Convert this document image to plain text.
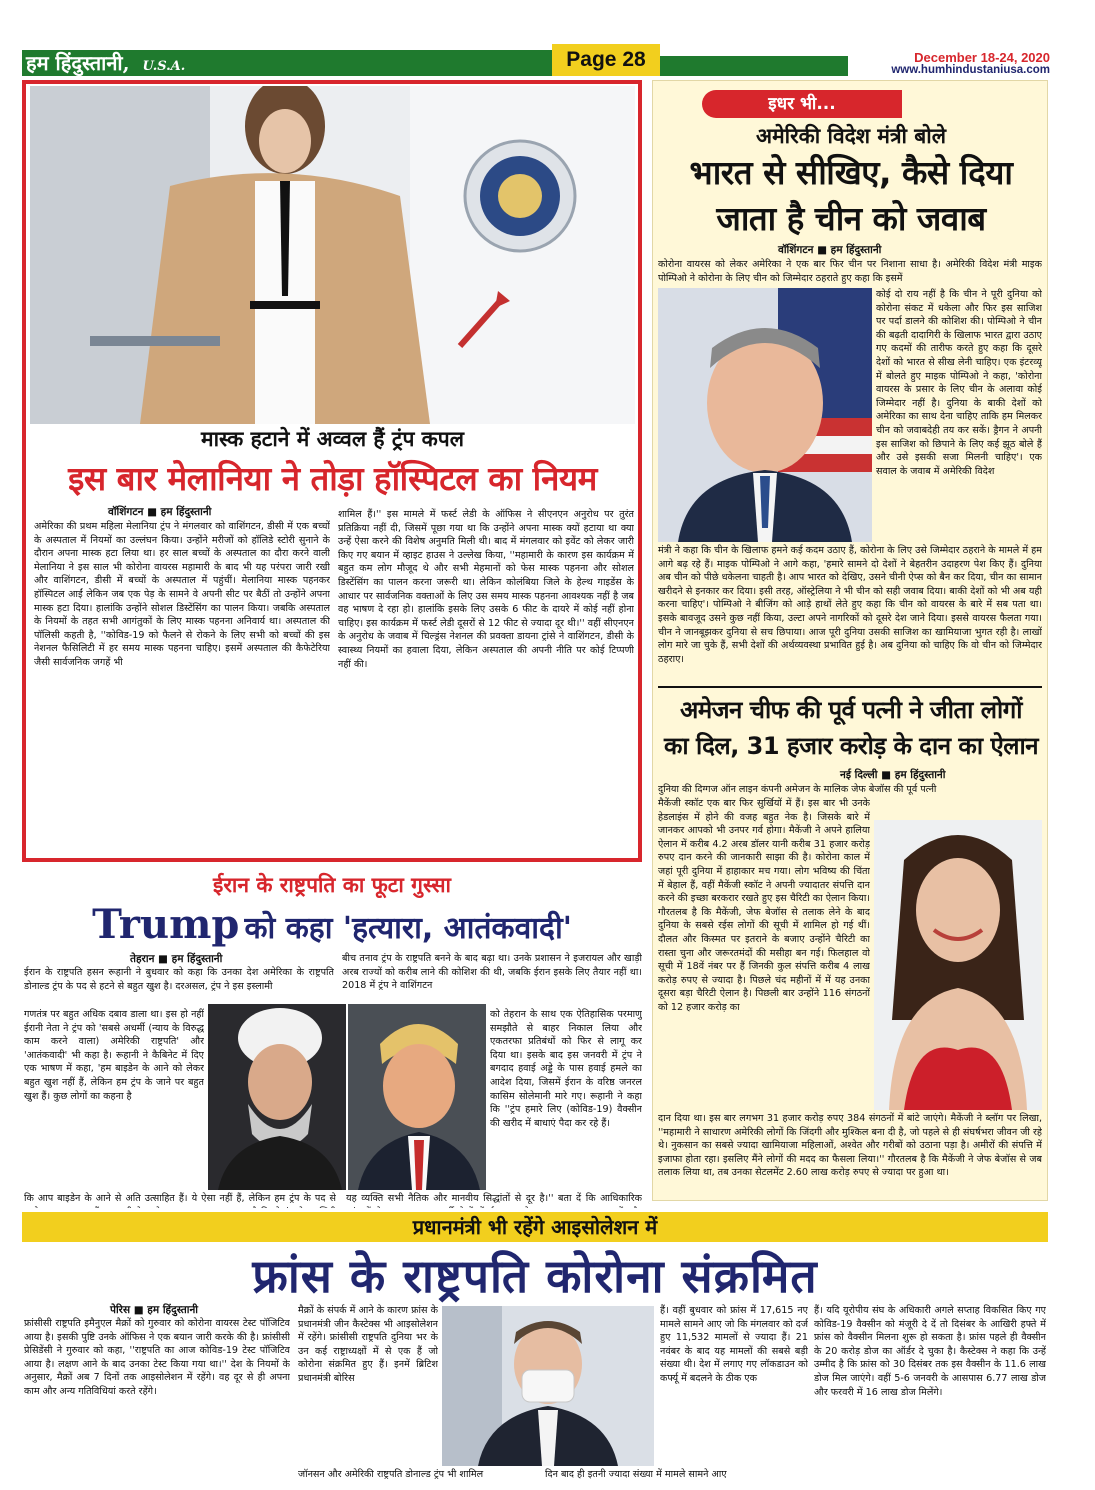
हम हिंदुस्तानी, U.S.A.	Page 28	December 18-24, 2020
www.humhindustaniusa.com
मास्क हटाने में अव्वल हैं ट्रंप कपल
इस बार मेलानिया ने तोड़ा हॉस्पिटल का नियम
वॉशिंगटन ■ हम हिंदुस्तानी
अमेरिका की प्रथम महिला मेलानिया ट्रंप ने मंगलवार को वाशिंगटन, डीसी में एक बच्चों के अस्पताल में नियमों का उल्लंघन किया। उन्होंने मरीजों को हॉलिडे स्टोरी सुनाने के दौरान अपना मास्क हटा लिया था। हर साल बच्चों के अस्पताल का दौरा करने वाली मेलानिया ने इस साल भी कोरोना वायरस महामारी के बाद भी यह परंपरा जारी रखी और वाशिंगटन, डीसी में बच्चों के अस्पताल में पहुंचीं। मेलानिया मास्क पहनकर हॉस्पिटल आईं लेकिन जब एक पेड़ के सामने वे अपनी सीट पर बैठीं तो उन्होंने अपना मास्क हटा दिया। हालांकि उन्होंने सोशल डिस्टेंसिंग का पालन किया। जबकि अस्पताल के नियमों के तहत सभी आगंतुकों के लिए मास्क पहनना अनिवार्य था। अस्पताल की पॉलिसी कहती है, ''कोविड-19 को फैलने से रोकने के लिए सभी को बच्चों की इस नेशनल फैसिलिटी में हर समय मास्क पहनना चाहिए। इसमें अस्पताल की कैफेटेरिया जैसी सार्वजनिक जगहें भी
शामिल हैं।'' इस मामले में फर्स्ट लेडी के ऑफिस ने सीएनएन अनुरोध पर तुरंत प्रतिक्रिया नहीं दी, जिसमें पूछा गया था कि उन्होंने अपना मास्क क्यों हटाया था क्या उन्हें ऐसा करने की विशेष अनुमति मिली थी। बाद में मंगलवार को इवेंट को लेकर जारी किए गए बयान में व्हाइट हाउस ने उल्लेख किया, ''महामारी के कारण इस कार्यक्रम में बहुत कम लोग मौजूद थे और सभी मेहमानों को फेस मास्क पहनना और सोशल डिस्टेंसिंग का पालन करना जरूरी था। लेकिन कोलंबिया जिले के हेल्थ गाइडेंस के आधार पर सार्वजनिक वक्ताओं के लिए उस समय मास्क पहनना आवश्यक नहीं है जब वह भाषण दे रहा हो। हालांकि इसके लिए उसके 6 फीट के दायरे में कोई नहीं होना चाहिए। इस कार्यक्रम में फर्स्ट लेडी दूसरों से 12 फीट से ज्यादा दूर थी।'' वहीं सीएनएन के अनुरोध के जवाब में चिल्ड्रंस नेशनल की प्रवक्ता डायना ट्रांसे ने वाशिंगटन, डीसी के स्वास्थ्य नियमों का हवाला दिया, लेकिन अस्पताल की अपनी नीति पर कोई टिप्पणी नहीं की।
इधर भी...
अमेरिकी विदेश मंत्री बोले
भारत से सीखिए, कैसे दिया
जाता है चीन को जवाब
वॉशिंगटन ■ हम हिंदुस्तानी
कोरोना वायरस को लेकर अमेरिका ने एक बार फिर चीन पर निशाना साधा है। अमेरिकी विदेश मंत्री माइक पोम्पिओ ने कोरोना के लिए चीन को जिम्मेदार ठहराते हुए कहा कि इसमें
कोई दो राय नहीं है कि चीन ने पूरी दुनिया को कोरोना संकट में धकेला और फिर इस साजिश पर पर्दा डालने की कोशिश की। पोम्पिओ ने चीन की बढ़ती दादागिरी के खिलाफ भारत द्वारा उठाए गए कदमों की तारीफ करते हुए कहा कि दूसरे देशों को भारत से सीख लेनी चाहिए। एक इंटरव्यू में बोलते हुए माइक पोम्पिओ ने कहा, 'कोरोना वायरस के प्रसार के लिए चीन के अलावा कोई जिम्मेदार नहीं है। दुनिया के बाकी देशों को अमेरिका का साथ देना चाहिए ताकि हम मिलकर चीन को जवाबदेही तय कर सकें। ड्रैगन ने अपनी इस साजिश को छिपाने के लिए कई झूठ बोले हैं और उसे इसकी सजा मिलनी चाहिए'। एक सवाल के जवाब में अमेरिकी विदेश
मंत्री ने कहा कि चीन के खिलाफ हमने कई कदम उठाए हैं, कोरोना के लिए उसे जिम्मेदार ठहराने के मामले में हम आगे बढ़ रहे हैं। माइक पोम्पिओ ने आगे कहा, 'हमारे सामने दो देशों ने बेहतरीन उदाहरण पेश किए हैं। दुनिया अब चीन को पीछे धकेलना चाहती है। आप भारत को देखिए, उसने चीनी ऐप्स को बैन कर दिया, चीन का सामान खरीदने से इनकार कर दिया। इसी तरह, ऑस्ट्रेलिया ने भी चीन को सही जवाब दिया। बाकी देशों को भी अब यही करना चाहिए'। पोम्पिओ ने बीजिंग को आड़े हाथों लेते हुए कहा कि चीन को वायरस के बारे में सब पता था। इसके बावजूद उसने कुछ नहीं किया, उल्टा अपने नागरिकों को दूसरे देश जाने दिया। इससे वायरस फैलता गया। चीन ने जानबूझकर दुनिया से सच छिपाया। आज पूरी दुनिया उसकी साजिश का खामियाजा भुगत रही है। लाखों लोग मारे जा चुके हैं, सभी देशों की अर्थव्यवस्था प्रभावित हुई है। अब दुनिया को चाहिए कि वो चीन को जिम्मेदार ठहराए।
अमेजन चीफ की पूर्व पत्नी ने जीता लोगों
का दिल, 31 हजार करोड़ के दान का ऐलान
नई दिल्ली ■ हम हिंदुस्तानी
दुनिया की दिग्गज ऑन लाइन कंपनी अमेजन के मालिक जेफ बेजॉस की पूर्व पत्नी
मैकेंजी स्कॉट एक बार फिर सुर्खियों में हैं। इस बार भी उनके हेडलाइंस में होने की वजह बहुत नेक है। जिसके बारे में जानकर आपको भी उनपर गर्व होगा। मैकेंजी ने अपने हालिया ऐलान में करीब 4.2 अरब डॉलर यानी करीब 31 हजार करोड़ रुपए दान करने की जानकारी साझा की है। कोरोना काल में जहां पूरी दुनिया में हाहाकार मच गया। लोग भविष्य की चिंता में बेहाल हैं, वहीं मैकेंजी स्कॉट ने अपनी ज्यादातर संपत्ति दान करने की इच्छा बरकरार रखते हुए इस चैरिटी का ऐलान किया। गौरतलब है कि मैकेंजी, जेफ बेजॉस से तलाक लेने के बाद दुनिया के सबसे रईस लोगों की सूची में शामिल हो गई थीं। दौलत और किस्मत पर इतराने के बजाए उन्होंने चैरिटी का रास्ता चुना और जरूरतमंदों की मसीहा बन गई। फिलहाल वो सूची में 18वें नंबर पर हैं जिनकी कुल संपत्ति करीब 4 लाख करोड़ रुपए से ज्यादा है। पिछले चंद महीनों में में यह उनका दूसरा बड़ा चैरिटी ऐलान है। पिछली बार उन्होंने 116 संगठनों को 12 हजार करोड़ का
दान दिया था। इस बार लगभग 31 हजार करोड़ रुपए 384 संगठनों में बांटे जाएंगे। मैकेंजी ने ब्लॉग पर लिखा, ''महामारी ने साधारण अमेरिकी लोगों कि जिंदगी और मुश्किल बना दी है, जो पहले से ही संघर्षभरा जीवन जी रहे थे। नुकसान का सबसे ज्यादा खामियाजा महिलाओं, अश्वेत और गरीबों को उठाना पड़ा है। अमीरों की संपत्ति में इजाफा होता रहा। इसलिए मैंने लोगों की मदद का फैसला लिया।'' गौरतलब है कि मैकेंजी ने जेफ बेजॉस से जब तलाक लिया था, तब उनका सेटलमेंट 2.60 लाख करोड़ रुपए से ज्यादा पर हुआ था।
ईरान के राष्ट्रपति का फूटा गुस्सा
Trump को कहा 'हत्यारा, आतंकवादी'
तेहरान ■ हम हिंदुस्तानी
ईरान के राष्ट्रपति हसन रूहानी ने बुधवार को कहा कि उनका देश अमेरिका के राष्ट्रपति डोनाल्ड ट्रंप के पद से हटने से बहुत खुश है। दरअसल, ट्रंप ने इस इस्लामी
बीच तनाव ट्रंप के राष्ट्रपति बनने के बाद बढ़ा था। उनके प्रशासन ने इजरायल और खाड़ी अरब राज्यों को करीब लाने की कोशिश की थी, जबकि ईरान इसके लिए तैयार नहीं था। 2018 में ट्रंप ने वाशिंगटन
गणतंत्र पर बहुत अधिक दबाव डाला था। इस हो नहीं ईरानी नेता ने ट्रंप को 'सबसे अधर्मी (न्याय के विरुद्ध काम करने वाला) अमेरिकी राष्ट्रपति' और 'आतंकवादी' भी कहा है। रूहानी ने कैबिनेट में दिए एक भाषण में कहा, 'हम बाइडेन के आने को लेकर बहुत खुश नहीं हैं, लेकिन हम ट्रंप के जाने पर बहुत खुश हैं। कुछ लोगों का कहना है
को तेहरान के साथ एक ऐतिहासिक परमाणु समझौते से बाहर निकाल लिया और एकतरफा प्रतिबंधों को फिर से लागू कर दिया था। इसके बाद इस जनवरी में ट्रंप ने बगदाद हवाई अड्डे के पास हवाई हमले का आदेश दिया, जिसमें ईरान के वरिष्ठ जनरल कासिम सोलेमानी मारे गए। रूहानी ने कहा कि ''ट्रंप हमारे लिए (कोविड-19) वैक्सीन की खरीद में बाधाएं पैदा कर रहे हैं।
प्रधानमंत्री भी रहेंगे आइसोलेशन में
फ्रांस के राष्ट्रपति कोरोना संक्रमित
पेरिस ■ हम हिंदुस्तानी
फ्रांसीसी राष्ट्रपति इमैनुएल मैक्रों को गुरुवार को कोरोना वायरस टेस्ट पॉजिटिव आया है। इसकी पुष्टि उनके ऑफिस ने एक बयान जारी करके की है। फ्रांसीसी प्रेसिडेंसी ने गुरुवार को कहा, ''राष्ट्रपति का आज कोविड-19 टेस्ट पॉजिटिव आया है। लक्षण आने के बाद उनका टेस्ट किया गया था।'' देश के नियमों के अनुसार, मैक्रों अब 7 दिनों तक आइसोलेशन में रहेंगे। वह दूर से ही अपना काम और अन्य गतिविधियां करते रहेंगे।
मैक्रों के संपर्क में आने के कारण फ्रांस के प्रधानमंत्री जीन कैस्टेक्स भी आइसोलेशन में रहेंगे। फ्रांसीसी राष्ट्रपति दुनिया भर के उन कई राष्ट्राध्यक्षों में से एक हैं जो कोरोना संक्रमित हुए हैं। इनमें ब्रिटिश प्रधानमंत्री बोरिस
जॉनसन और अमेरिकी राष्ट्रपति डोनाल्ड ट्रंप भी शामिल
हैं। वहीं बुधवार को फ्रांस में 17,615 नए मामले सामने आए जो कि मंगलवार को दर्ज हुए 11,532 मामलों से ज्यादा हैं। 21 नवंबर के बाद यह मामलों की सबसे बड़ी संख्या थी। देश में लगाए गए लॉकडाउन को कर्फ्यू में बदलने के ठीक एक
दिन बाद ही इतनी ज्यादा संख्या में मामले सामने आए
हैं। यदि यूरोपीय संघ के अधिकारी अगले सप्ताह विकसित किए गए कोविड-19 वैक्सीन को मंजूरी दे दें तो दिसंबर के आखिरी हफ्ते में फ्रांस को वैक्सीन मिलना शुरू हो सकता है। फ्रांस पहले ही वैक्सीन के 20 करोड़ डोज का ऑर्डर दे चुका है। कैस्टेक्स ने कहा कि उन्हें उम्मीद है कि फ्रांस को 30 दिसंबर तक इस वैक्सीन के 11.6 लाख डोज मिल जाएंगे। वहीं 5-6 जनवरी के आसपास 6.77 लाख डोज और फरवरी में 16 लाख डोज मिलेंगे।
कि आप बाइडेन के आने से अति उत्साहित हैं। ये ऐसा नहीं हैं, लेकिन हम ट्रंप के पद से यह व्यक्ति सभी नैतिक और मानवीय सिद्धांतों से दूर है।'' बता दें कि आधिकारिक
